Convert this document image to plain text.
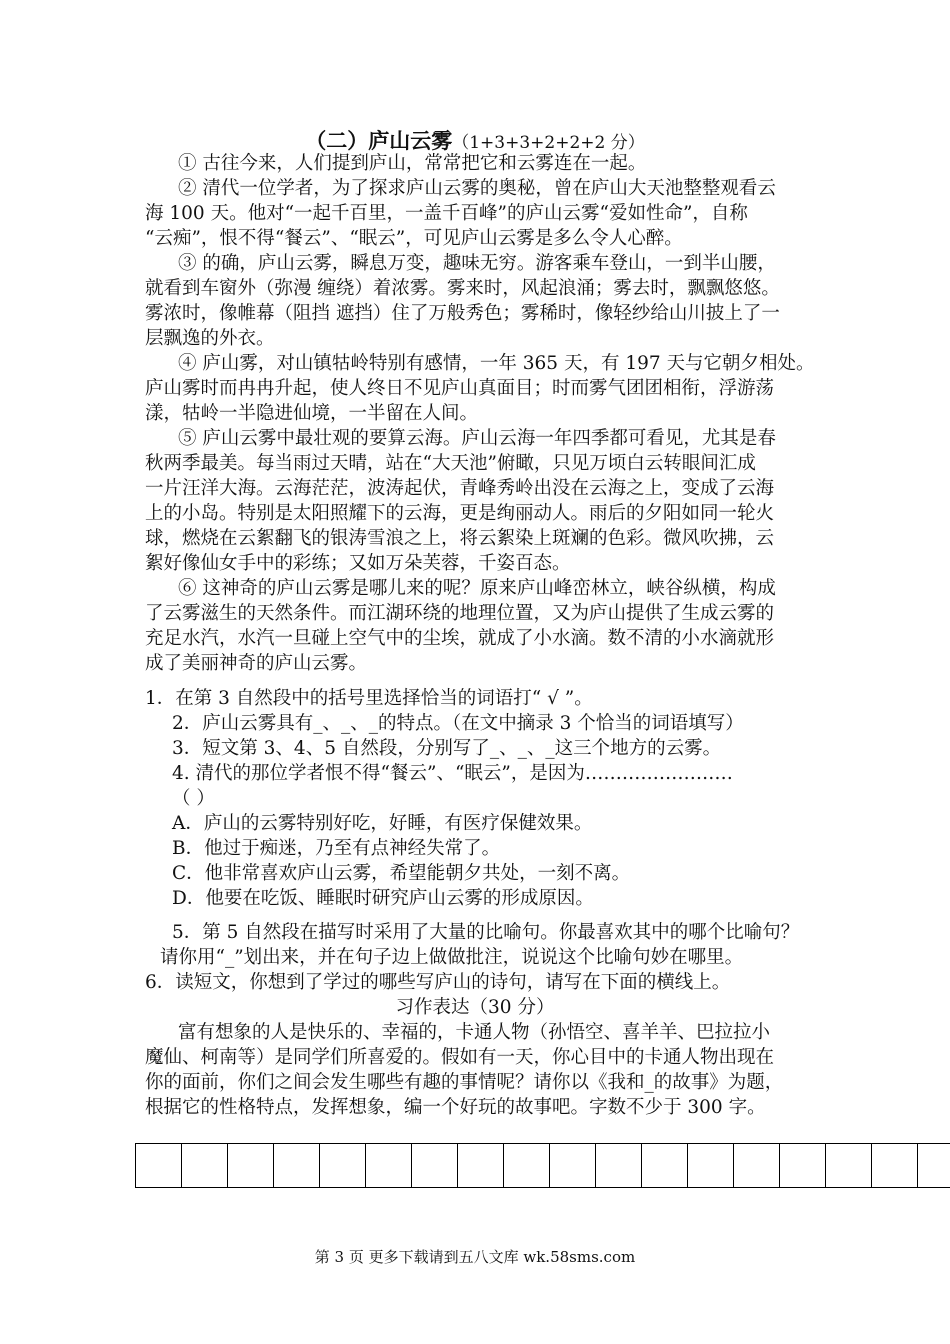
（二）庐山云雾（1+3+3+2+2+2 分）
① 古往今来，人们提到庐山，常常把它和云雾连在一起。
② 清代一位学者，为了探求庐山云雾的奥秘，曾在庐山大天池整整观看云
海 100 天。他对“一起千百里，一盖千百峰”的庐山云雾“爱如性命”，自称
“云痴”，恨不得“餐云”、“眠云”，可见庐山云雾是多么令人心醉。
③ 的确，庐山云雾，瞬息万变，趣味无穷。游客乘车登山，一到半山腰，
就看到车窗外（弥漫 缠绕）着浓雾。雾来时，风起浪涌；雾去时，飘飘悠悠。
雾浓时，像帷幕（阻挡 遮挡）住了万般秀色；雾稀时，像轻纱给山川披上了一
层飘逸的外衣。
④ 庐山雾，对山镇牯岭特别有感情，一年 365 天，有 197 天与它朝夕相处。
庐山雾时而冉冉升起，使人终日不见庐山真面目；时而雾气团团相衔，浮游荡
漾，牯岭一半隐进仙境，一半留在人间。
⑤ 庐山云雾中最壮观的要算云海。庐山云海一年四季都可看见，尤其是春
秋两季最美。每当雨过天晴，站在“大天池”俯瞰，只见万顷白云转眼间汇成
一片汪洋大海。云海茫茫，波涛起伏，青峰秀岭出没在云海之上，变成了云海
上的小岛。特别是太阳照耀下的云海，更是绚丽动人。雨后的夕阳如同一轮火
球，燃烧在云絮翻飞的银涛雪浪之上，将云絮染上斑斓的色彩。微风吹拂，云
絮好像仙女手中的彩练；又如万朵芙蓉，千姿百态。
⑥ 这神奇的庐山云雾是哪儿来的呢？原来庐山峰峦林立，峡谷纵横，构成
了云雾滋生的天然条件。而江湖环绕的地理位置，又为庐山提供了生成云雾的
充足水汽，水汽一旦碰上空气中的尘埃，就成了小水滴。数不清的小水滴就形
成了美丽神奇的庐山云雾。
1．在第 3 自然段中的括号里选择恰当的词语打“ √ ”。
2．庐山云雾具有_、_、_的特点。（在文中摘录 3 个恰当的词语填写）
3．短文第 3、4、5 自然段，分别写了_、_、_这三个地方的云雾。
4. 清代的那位学者恨不得“餐云”、“眠云”，是因为……………………
（ ）
A．庐山的云雾特别好吃，好睡，有医疗保健效果。
B．他过于痴迷，乃至有点神经失常了。
C．他非常喜欢庐山云雾，希望能朝夕共处，一刻不离。
D．他要在吃饭、睡眠时研究庐山云雾的形成原因。
5．第 5 自然段在描写时采用了大量的比喻句。你最喜欢其中的哪个比喻句？
请你用“_”划出来，并在句子边上做做批注，说说这个比喻句妙在哪里。
6．读短文，你想到了学过的哪些写庐山的诗句，请写在下面的横线上。
习作表达（30 分）
富有想象的人是快乐的、幸福的，卡通人物（孙悟空、喜羊羊、巴拉拉小
魔仙、柯南等）是同学们所喜爱的。假如有一天，你心目中的卡通人物出现在
你的面前，你们之间会发生哪些有趣的事情呢？请你以《我和_的故事》为题，
根据它的性格特点，发挥想象，编一个好玩的故事吧。字数不少于 300 字。
第 3 页 更多下载请到五八文库 wk.58sms.com
